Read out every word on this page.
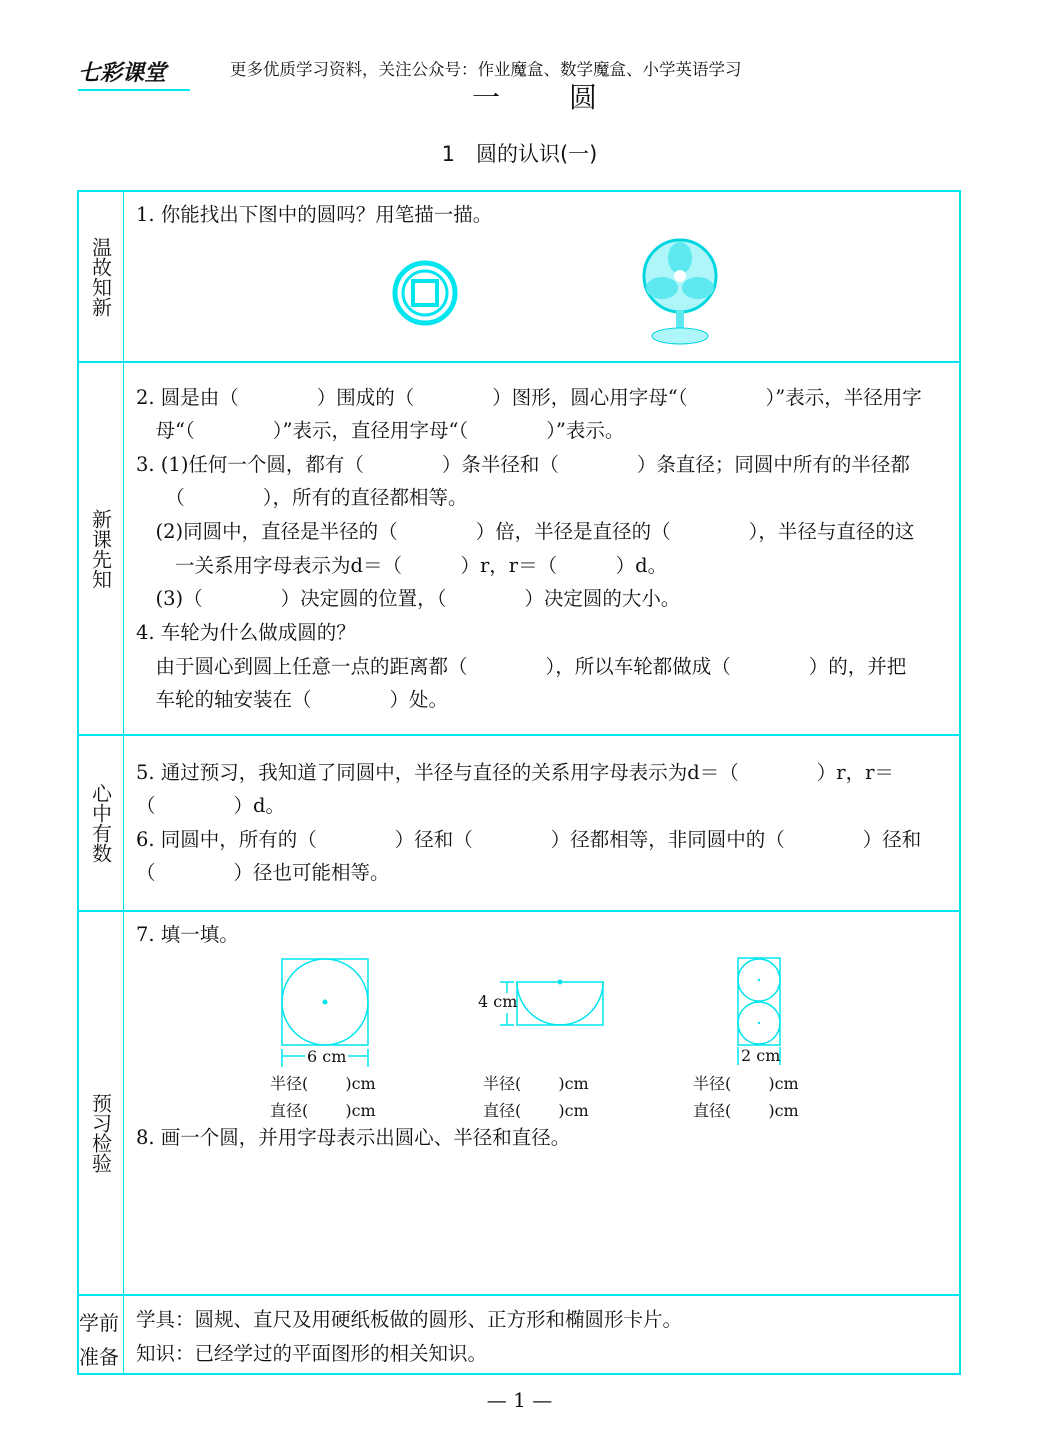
七彩课堂	更多优质学习资料，关注公众号：作业魔盒、数学魔盒、小学英语学习
一 圆
1　圆的认识(一)
温故知新
新课先知
心中有数
预习检验
学前准备
1. 你能找出下图中的圆吗？用笔描一描。
2. 圆是由（　　　　）围成的（　　　　）图形，圆心用字母“（　　　　）”表示，半径用字
　母“（　　　　）”表示，直径用字母“（　　　　）”表示。
3. (1)任何一个圆，都有（　　　　）条半径和（　　　　）条直径；同圆中所有的半径都
　　（　　　　），所有的直径都相等。
　(2)同圆中，直径是半径的（　　　　）倍，半径是直径的（　　　　），半径与直径的这
　　一关系用字母表示为d＝（　　　）r，r＝（　　　）d。
　(3)（　　　　）决定圆的位置，（　　　　）决定圆的大小。
4. 车轮为什么做成圆的？
　由于圆心到圆上任意一点的距离都（　　　　），所以车轮都做成（　　　　）的，并把
　车轮的轴安装在（　　　　）处。
5. 通过预习，我知道了同圆中，半径与直径的关系用字母表示为d＝（　　　　）r，r＝
（　　　　）d。
6. 同圆中，所有的（　　　　）径和（　　　　）径都相等，非同圆中的（　　　　）径和
（　　　　）径也可能相等。
7. 填一填。
6 cm
4 cm
2 cm
半径(　　 )cm
直径(　　 )cm
半径(　　 )cm
直径(　　 )cm
半径(　　 )cm
直径(　　 )cm
8. 画一个圆，并用字母表示出圆心、半径和直径。
学具：圆规、直尺及用硬纸板做的圆形、正方形和椭圆形卡片。
知识：已经学过的平面图形的相关知识。
— 1 —
